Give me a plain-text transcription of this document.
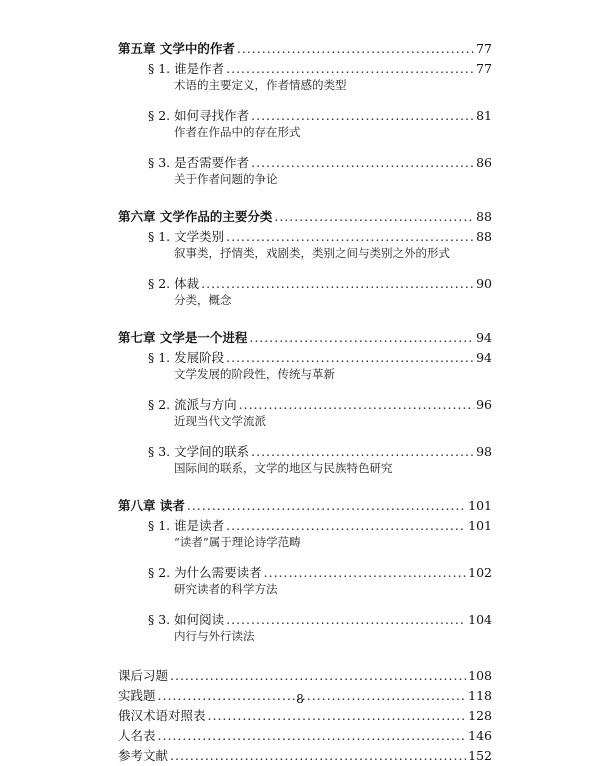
第五章 文学中的作者 .....	77
§ 1. 谁是作者 .....	77
术语的主要定义，作者情感的类型
§ 2. 如何寻找作者 .....	81
作者在作品中的存在形式
§ 3. 是否需要作者 .....	86
关于作者问题的争论
第六章 文学作品的主要分类 .....	88
§ 1. 文学类别 .....	88
叙事类，抒情类，戏剧类，类别之间与类别之外的形式
§ 2. 体裁 .....	90
分类，概念
第七章 文学是一个进程 .....	94
§ 1. 发展阶段 .....	94
文学发展的阶段性，传统与革新
§ 2. 流派与方向 .....	96
近现当代文学流派
§ 3. 文学间的联系 .....	98
国际间的联系，文学的地区与民族特色研究
第八章 读者 .....	101
§ 1. 谁是读者 .....	101
“读者”属于理论诗学范畴
§ 2. 为什么需要读者 .....	102
研究读者的科学方法
§ 3. 如何阅读 .....	104
内行与外行读法
课后习题 .....	108
实践题 .....	118
俄汉术语对照表 .....	128
人名表 .....	146
参考文献 .....	152
8
